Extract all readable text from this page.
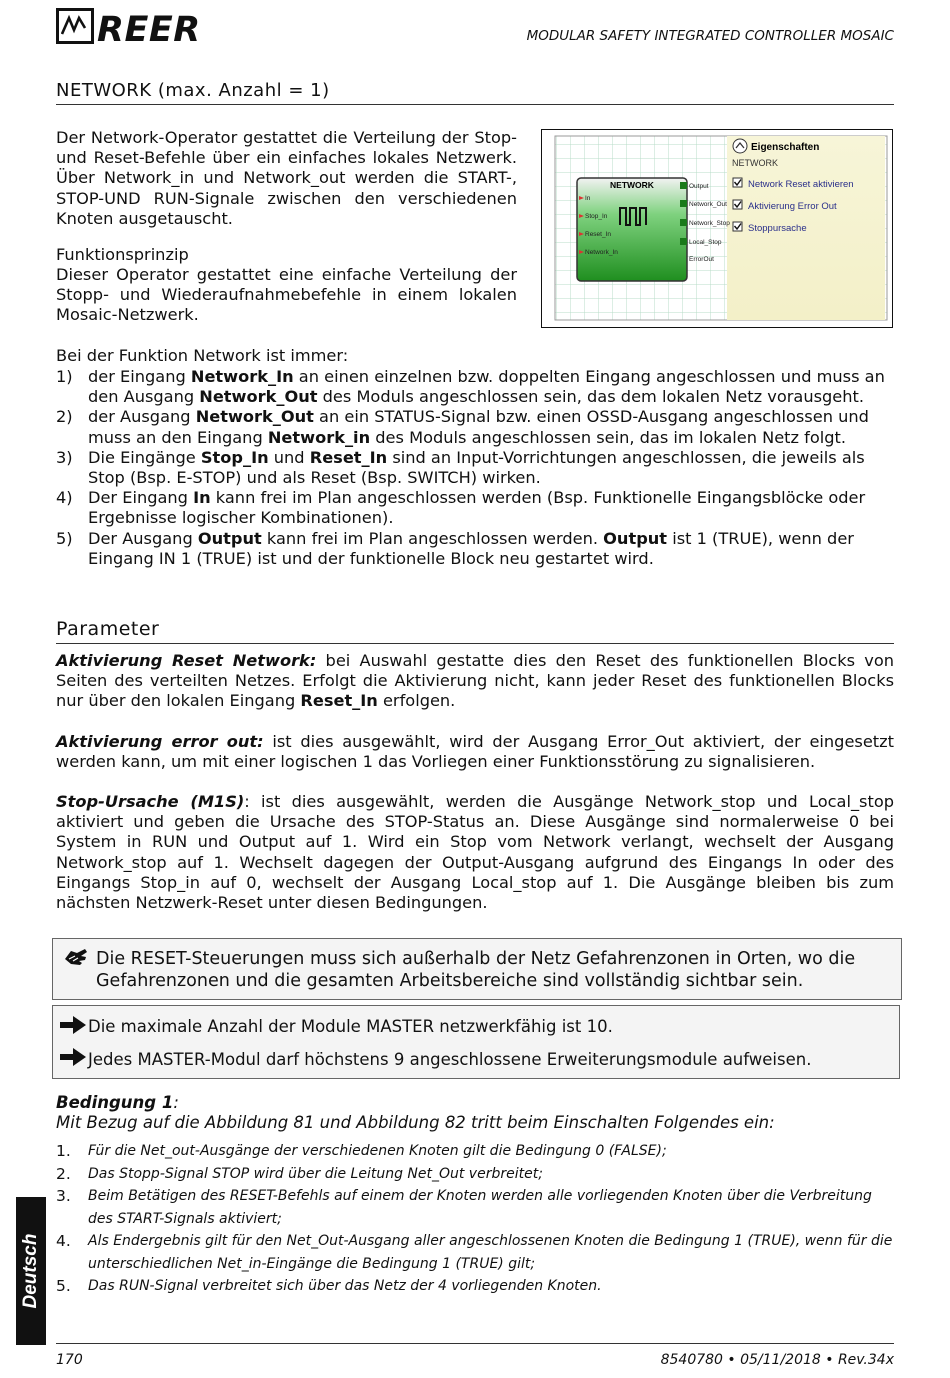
REER	MODULAR SAFETY INTEGRATED CONTROLLER MOSAIC
NETWORK (max. Anzahl = 1)
Der Network-Operator gestattet die Verteilung der Stop- und Reset-Befehle über ein einfaches lokales Netzwerk. Über Network_in und Network_out werden die START-, STOP-UND RUN-Signale zwischen den verschiedenen Knoten ausgetauscht.
Funktionsprinzip
Dieser Operator gestattet eine einfache Verteilung der Stopp- und Wiederaufnahmebefehle in einem lokalen Mosaic-Netzwerk.
NETWORK
In
Stop_In
Reset_In
Network_In
Output
Network_Out
Network_Stop
Local_Stop
ErrorOut
Eigenschaften
NETWORK
Network Reset aktivieren
Aktivierung Error Out
Stoppursache
Bei der Funktion Network ist immer:
1) der Eingang Network_In an einen einzelnen bzw. doppelten Eingang angeschlossen und muss an den Ausgang Network_Out des Moduls angeschlossen sein, das dem lokalen Netz vorausgeht.
2) der Ausgang Network_Out an ein STATUS-Signal bzw. einen OSSD-Ausgang angeschlossen und muss an den Eingang Network_in des Moduls angeschlossen sein, das im lokalen Netz folgt.
3) Die Eingänge Stop_In und Reset_In sind an Input-Vorrichtungen angeschlossen, die jeweils als Stop (Bsp. E-STOP) und als Reset (Bsp. SWITCH) wirken.
4) Der Eingang In kann frei im Plan angeschlossen werden (Bsp. Funktionelle Eingangsblöcke oder Ergebnisse logischer Kombinationen).
5) Der Ausgang Output kann frei im Plan angeschlossen werden. Output ist 1 (TRUE), wenn der Eingang IN 1 (TRUE) ist und der funktionelle Block neu gestartet wird.
Parameter
Aktivierung Reset Network: bei Auswahl gestatte dies den Reset des funktionellen Blocks von Seiten des verteilten Netzes. Erfolgt die Aktivierung nicht, kann jeder Reset des funktionellen Blocks nur über den lokalen Eingang Reset_In erfolgen.
Aktivierung error out: ist dies ausgewählt, wird der Ausgang Error_Out aktiviert, der eingesetzt werden kann, um mit einer logischen 1 das Vorliegen einer Funktionsstörung zu signalisieren.
Stop-Ursache (M1S): ist dies ausgewählt, werden die Ausgänge Network_stop und Local_stop aktiviert und geben die Ursache des STOP-Status an. Diese Ausgänge sind normalerweise 0 bei System in RUN und Output auf 1. Wird ein Stop vom Network verlangt, wechselt der Ausgang Network_stop auf 1. Wechselt dagegen der Output-Ausgang aufgrund des Eingangs In oder des Eingangs Stop_in auf 0, wechselt der Ausgang Local_stop auf 1. Die Ausgänge bleiben bis zum nächsten Netzwerk-Reset unter diesen Bedingungen.
Die RESET-Steuerungen muss sich außerhalb der Netz Gefahrenzonen in Orten, wo die Gefahrenzonen und die gesamten Arbeitsbereiche sind vollständig sichtbar sein.
Die maximale Anzahl der Module MASTER netzwerkfähig ist 10.
Jedes MASTER-Modul darf höchstens 9 angeschlossene Erweiterungsmodule aufweisen.
Bedingung 1:
Mit Bezug auf die Abbildung 81 und Abbildung 82 tritt beim Einschalten Folgendes ein:
1. Für die Net_out-Ausgänge der verschiedenen Knoten gilt die Bedingung 0 (FALSE);
2. Das Stopp-Signal STOP wird über die Leitung Net_Out verbreitet;
3. Beim Betätigen des RESET-Befehls auf einem der Knoten werden alle vorliegenden Knoten über die Verbreitung des START-Signals aktiviert;
4. Als Endergebnis gilt für den Net_Out-Ausgang aller angeschlossenen Knoten die Bedingung 1 (TRUE), wenn für die unterschiedlichen Net_in-Eingänge die Bedingung 1 (TRUE) gilt;
5. Das RUN-Signal verbreitet sich über das Netz der 4 vorliegenden Knoten.
Deutsch
170	8540780 • 05/11/2018 • Rev.34x
